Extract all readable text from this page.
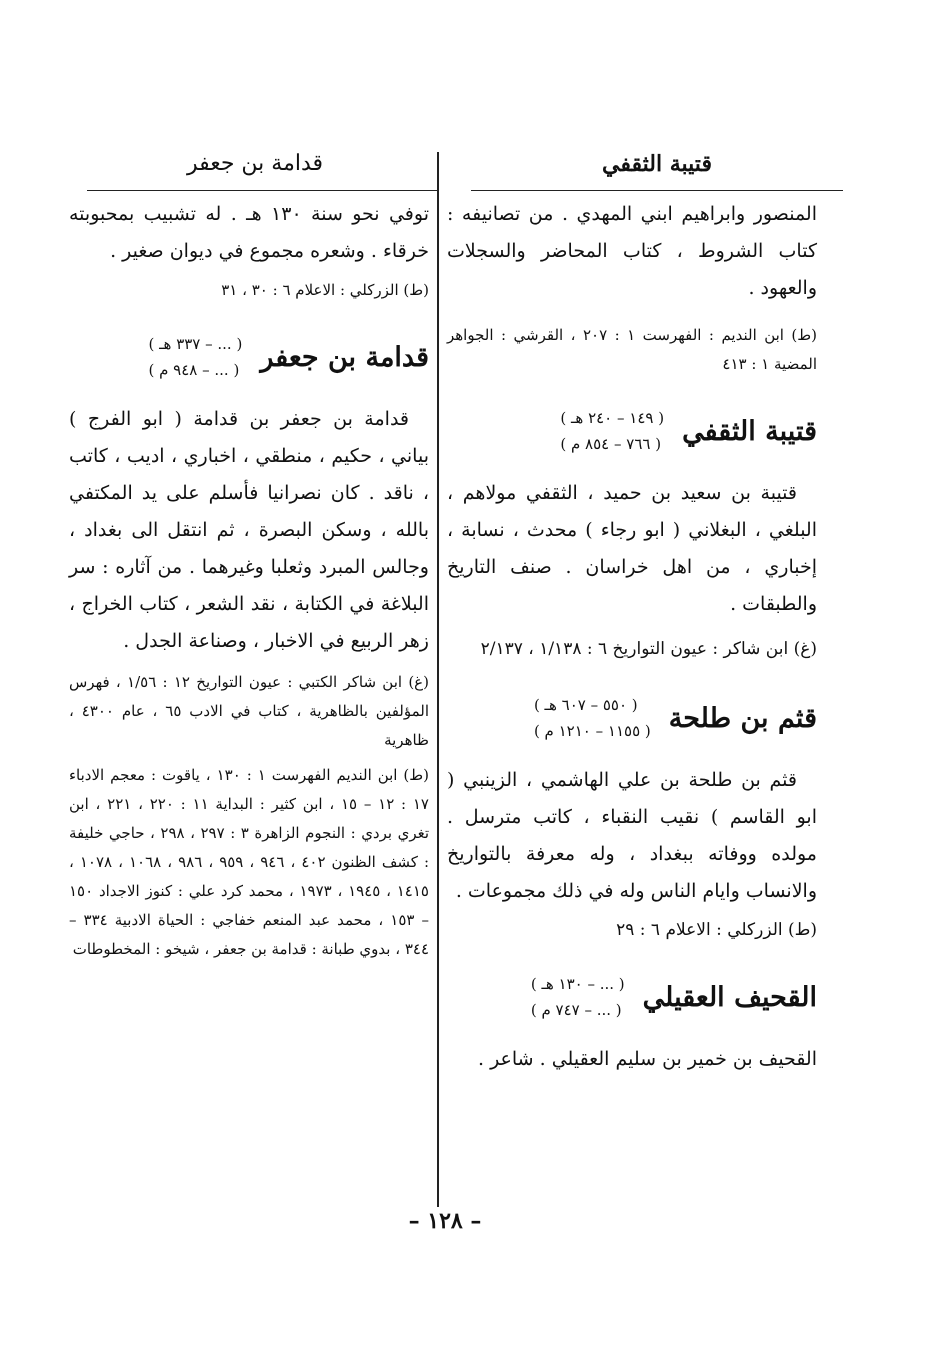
قتيبة الثقفي
قدامة بن جعفر

المنصور وابراهيم ابني المهدي . من تصانيفه : كتاب الشروط ، كتاب المحاضر والسجلات والعهود .

(ط) ابن النديم : الفهرست ١ : ٢٠٧ ، القرشي : الجواهر المضية ١ : ٤١٣

قتيبة الثقفي
( ١٤٩ – ٢٤٠ هـ )
( ٧٦٦ – ٨٥٤ م )

قتيبة بن سعيد بن حميد ، الثقفي مولاهم ، البلغي ، البغلاني ( ابو رجاء ) محدث ، نسابة ، إخباري ، من اهل خراسان . صنف التاريخ والطبقات .

(غ) ابن شاكر : عيون التواريخ ٦ : ١/١٣٨ ، ٢/١٣٧

قثم بن طلحة
( ٥٥٠ – ٦٠٧ هـ )
( ١١٥٥ – ١٢١٠ م )

قثم بن طلحة بن علي الهاشمي ، الزينبي ( ابو القاسم ) نقيب النقباء ، كاتب مترسل . مولده ووفاته ببغداد ، وله معرفة بالتواريخ والانساب وايام الناس وله في ذلك مجموعات .

(ط) الزركلي : الاعلام ٦ : ٢٩

القحيف العقيلي
( ... – ١٣٠ هـ )
( ... – ٧٤٧ م )

القحيف بن خمير بن سليم العقيلي . شاعر .

توفي نحو سنة ١٣٠ هـ . له تشبيب بمحبوبته خرقاء . وشعره مجموع في ديوان صغير .

(ط) الزركلي : الاعلام ٦ : ٣٠ ، ٣١

قدامة بن جعفر
( ... – ٣٣٧ هـ )
( ... – ٩٤٨ م )

قدامة بن جعفر بن قدامة ( ابو الفرج ) بياني ، حكيم ، منطقي ، اخباري ، اديب ، كاتب ، ناقد . كان نصرانيا فأسلم على يد المكتفي بالله ، وسكن البصرة ، ثم انتقل الى بغداد ، وجالس المبرد وثعلبا وغيرهما . من آثاره : سر البلاغة في الكتابة ، نقد الشعر ، كتاب الخراج ، زهر الربيع في الاخبار ، وصناعة الجدل .

(غ) ابن شاكر الكتبي : عيون التواريخ ١٢ : ١/٥٦ ، فهرس المؤلفين بالظاهرية ، كتاب في الادب ٦٥ ، عام ٤٣٠٠ ، ظاهرية

(ط) ابن النديم الفهرست ١ : ١٣٠ ، ياقوت : معجم الادباء ١٧ : ١٢ – ١٥ ، ابن كثير : البداية ١١ : ٢٢٠ ، ٢٢١ ، ابن تغري بردي : النجوم الزاهرة ٣ : ٢٩٧ ، ٢٩٨ ، حاجي خليفة : كشف الظنون ٤٠٢ ، ٩٤٦ ، ٩٥٩ ، ٩٨٦ ، ١٠٦٨ ، ١٠٧٨ ، ١٤١٥ ، ١٩٤٥ ، ١٩٧٣ ، محمد كرد علي : كنوز الاجداد ١٥٠ – ١٥٣ ، محمد عبد المنعم خفاجي : الحياة الادبية ٣٣٤ – ٣٤٤ ، بدوي طبانة : قدامة بن جعفر ، شيخو : المخطوطات

– ١٢٨ –
